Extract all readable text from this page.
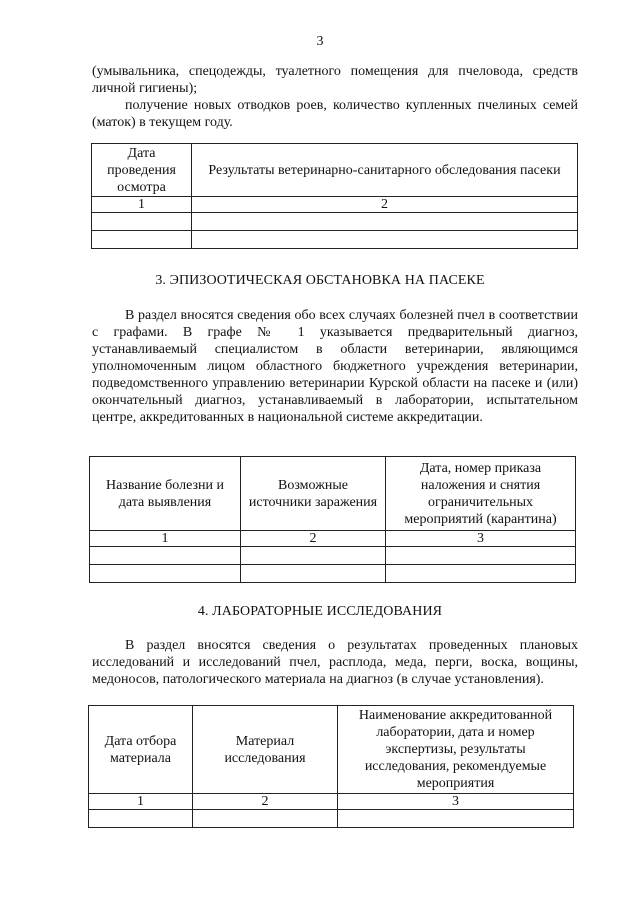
3

(умывальника, спецодежды, туалетного помещения для пчеловода, средств личной гигиены);

получение новых отводков роев, количество купленных пчелиных семей (маток) в текущем году.

Дата проведения осмотра	Результаты ветеринарно-санитарного обследования пасеки
1	2

3. ЭПИЗООТИЧЕСКАЯ ОБСТАНОВКА НА ПАСЕКЕ

В раздел вносятся сведения обо всех случаях болезней пчел в соответствии с графами. В графе № 1 указывается предварительный диагноз, устанавливаемый специалистом в области ветеринарии, являющимся уполномоченным лицом областного бюджетного учреждения ветеринарии, подведомственного управлению ветеринарии Курской области на пасеке и (или) окончательный диагноз, устанавливаемый в лаборатории, испытательном центре, аккредитованных в национальной системе аккредитации.

Название болезни и дата выявления	Возможные источники заражения	Дата, номер приказа наложения и снятия ограничительных мероприятий (карантина)
1	2	3

4. ЛАБОРАТОРНЫЕ ИССЛЕДОВАНИЯ

В раздел вносятся сведения о результатах проведенных плановых исследований и исследований пчел, расплода, меда, перги, воска, вощины, медоносов, патологического материала на диагноз (в случае установления).

Дата отбора материала	Материал исследования	Наименование аккредитованной лаборатории, дата и номер экспертизы, результаты исследования, рекомендуемые мероприятия
1	2	3
